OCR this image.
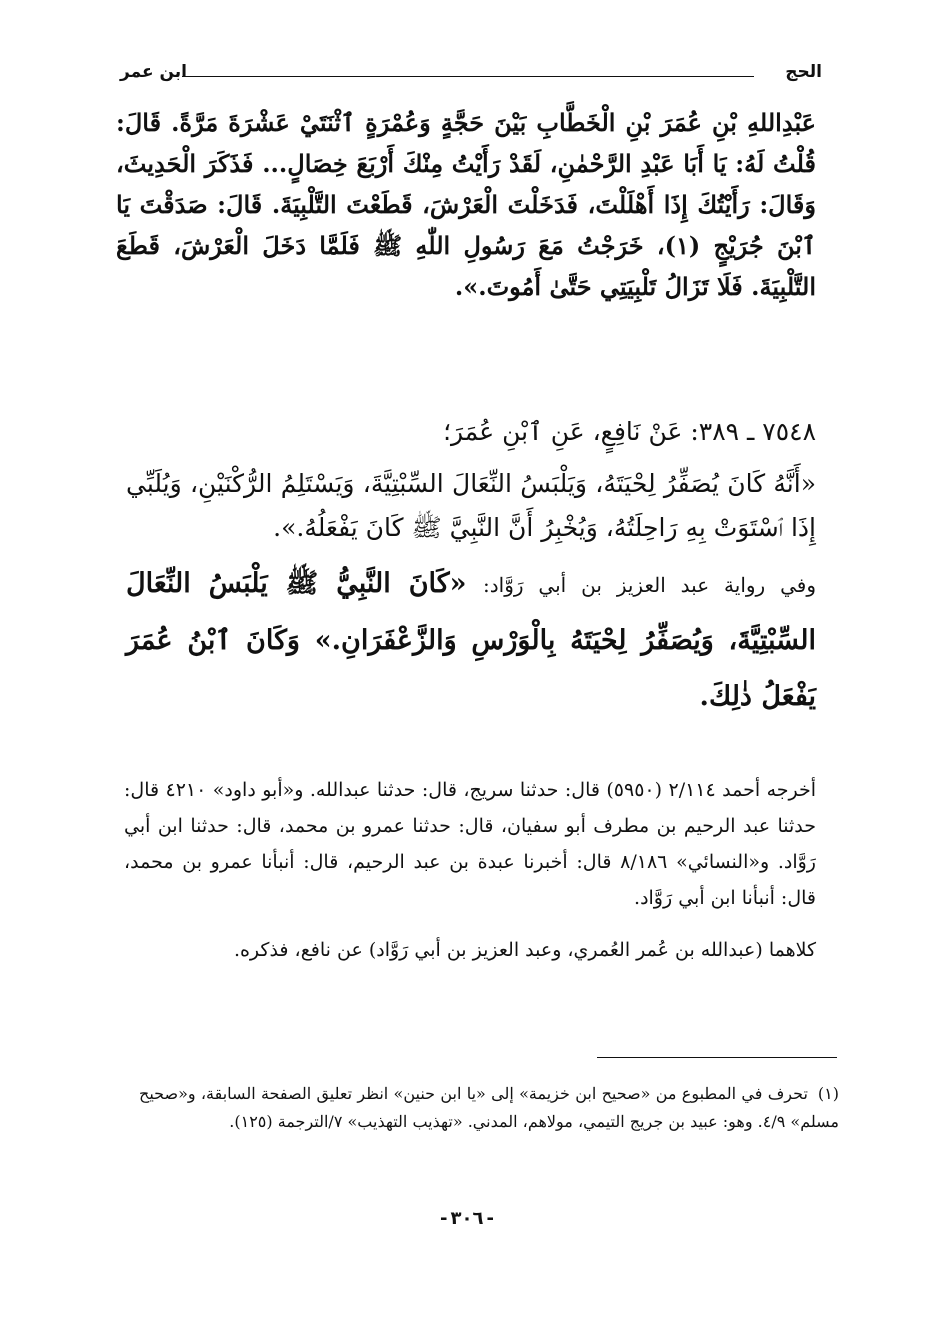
الحج
ابن عمر
عَبْدِاللهِ بْنِ عُمَرَ بْنِ الْخَطَّابِ بَيْنَ حَجَّةٍ وَعُمْرَةٍ ٱثْنَتَيْ عَشْرَةَ مَرَّةً. قَالَ: قُلْتُ لَهُ: يَا أَبَا عَبْدِ الرَّحْمٰنِ، لَقَدْ رَأَيْتُ مِنْكَ أَرْبَعَ خِصَالٍ... فَذَكَرَ الْحَدِيثَ، وَقَالَ: رَأَيْتُكَ إِذَا أَهْلَلْتَ، فَدَخَلْتَ الْعَرْشَ، قَطَعْتَ التَّلْبِيَةَ. قَالَ: صَدَقْتَ يَا ٱبْنَ جُرَيْجٍ (١)، خَرَجْتُ مَعَ رَسُولِ اللّٰهِ ﷺ فَلَمَّا دَخَلَ الْعَرْشَ، قَطَعَ التَّلْبِيَةَ. فَلَا تَزَالُ تَلْبِيَتِي حَتَّىٰ أَمُوتَ.».

٧٥٤٨ ـ ٣٨٩: عَنْ نَافِعٍ، عَنِ ٱبْنِ عُمَرَ؛

«أَنَّهُ كَانَ يُصَفِّرُ لِحْيَتَهُ، وَيَلْبَسُ النِّعَالَ السِّبْتِيَّةَ، وَيَسْتَلِمُ الرُّكْنَيْنِ، وَيُلَبِّي إِذَا ٱسْتَوَتْ بِهِ رَاحِلَتُهُ، وَيُخْبِرُ أَنَّ النَّبِيَّ ﷺ كَانَ يَفْعَلُهُ.».

وفي رواية عبد العزيز بن أبي رَوَّاد: «كَانَ النَّبِيُّ ﷺ يَلْبَسُ النِّعَالَ السِّبْتِيَّةَ، وَيُصَفِّرُ لِحْيَتَهُ بِالْوَرْسِ وَالزَّعْفَرَانِ.» وَكَانَ ٱبْنُ عُمَرَ يَفْعَلُ ذٰلِكَ.

أخرجه أحمد ٢/١١٤ (٥٩٥٠) قال: حدثنا سريج، قال: حدثنا عبدالله. و«أبو داود» ٤٢١٠ قال: حدثنا عبد الرحيم بن مطرف أبو سفيان، قال: حدثنا عمرو بن محمد، قال: حدثنا ابن أبي رَوَّاد. و«النسائي» ٨/١٨٦ قال: أخبرنا عبدة بن عبد الرحيم، قال: أنبأنا عمرو بن محمد، قال: أنبأنا ابن أبي رَوَّاد.

كلاهما (عبدالله بن عُمر العُمري، وعبد العزيز بن أبي رَوَّاد) عن نافع، فذكره.

(١)تحرف في المطبوع من «صحيح ابن خزيمة» إلى «يا ابن حنين» انظر تعليق الصفحة السابقة، و«صحيح مسلم» ٤/٩. وهو: عبيد بن جريج التيمي، مولاهم، المدني. «تهذيب التهذيب» ٧/الترجمة (١٢٥).
-٣٠٦-
